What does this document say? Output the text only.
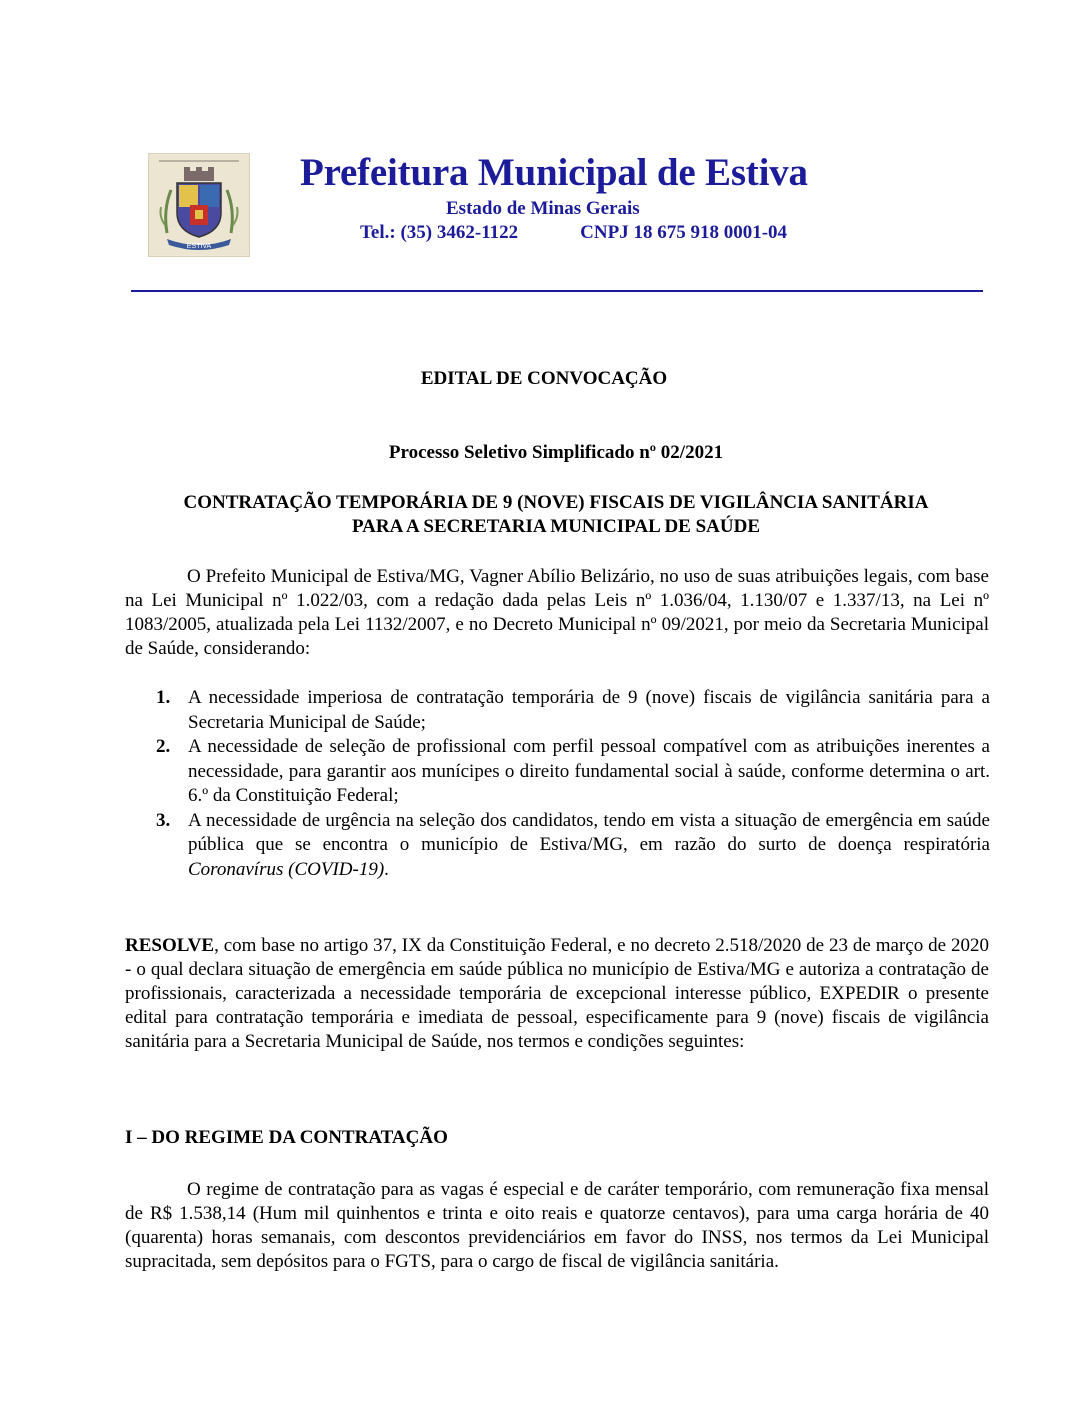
ESTIVA
Prefeitura Municipal de Estiva
Estado de Minas Gerais
Tel.: (35) 3462-1122	CNPJ 18 675 918 0001-04
EDITAL DE CONVOCAÇÃO
Processo Seletivo Simplificado nº 02/2021
CONTRATAÇÃO TEMPORÁRIA DE 9 (NOVE) FISCAIS DE VIGILÂNCIA SANITÁRIA
PARA A SECRETARIA MUNICIPAL DE SAÚDE

O Prefeito Municipal de Estiva/MG, Vagner Abílio Belizário, no uso de suas atribuições legais, com base na Lei Municipal nº 1.022/03, com a redação dada pelas Leis nº 1.036/04, 1.130/07 e 1.337/13, na Lei nº 1083/2005, atualizada pela Lei 1132/2007, e no Decreto Municipal nº 09/2021, por meio da Secretaria Municipal de Saúde, considerando:

1. A necessidade imperiosa de contratação temporária de 9 (nove) fiscais de vigilância sanitária para a Secretaria Municipal de Saúde;
2. A necessidade de seleção de profissional com perfil pessoal compatível com as atribuições inerentes a necessidade, para garantir aos munícipes o direito fundamental social à saúde, conforme determina o art. 6.º da Constituição Federal;
3. A necessidade de urgência na seleção dos candidatos, tendo em vista a situação de emergência em saúde pública que se encontra o município de Estiva/MG, em razão do surto de doença respiratória Coronavírus (COVID-19).

RESOLVE, com base no artigo 37, IX da Constituição Federal, e no decreto 2.518/2020 de 23 de março de 2020 - o qual declara situação de emergência em saúde pública no município de Estiva/MG e autoriza a contratação de profissionais, caracterizada a necessidade temporária de excepcional interesse público, EXPEDIR o presente edital para contratação temporária e imediata de pessoal, especificamente para 9 (nove) fiscais de vigilância sanitária para a Secretaria Municipal de Saúde, nos termos e condições seguintes:

I – DO REGIME DA CONTRATAÇÃO

O regime de contratação para as vagas é especial e de caráter temporário, com remuneração fixa mensal de R$ 1.538,14 (Hum mil quinhentos e trinta e oito reais e quatorze centavos), para uma carga horária de 40 (quarenta) horas semanais, com descontos previdenciários em favor do INSS, nos termos da Lei Municipal supracitada, sem depósitos para o FGTS, para o cargo de fiscal de vigilância sanitária.
